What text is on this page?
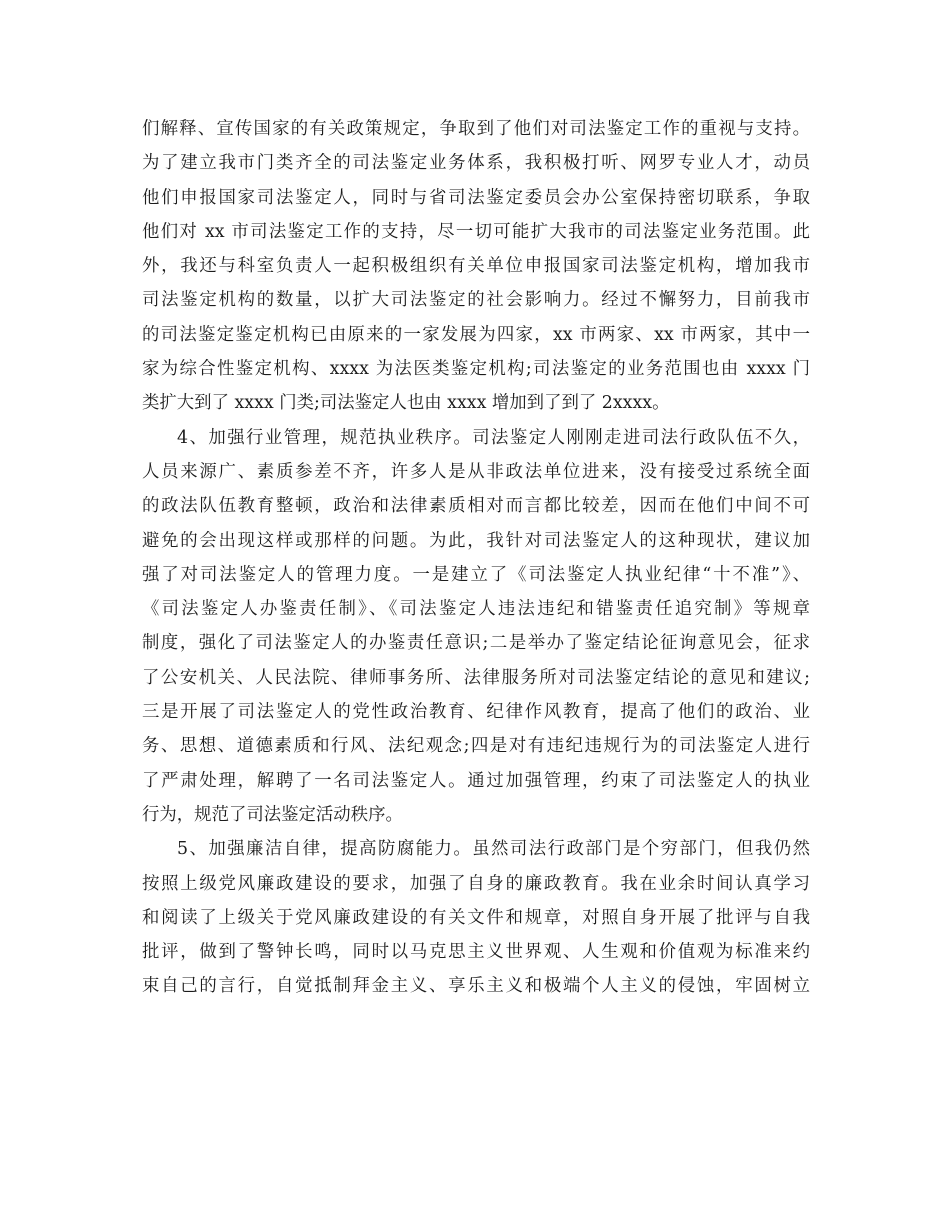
们解释、宣传国家的有关政策规定，争取到了他们对司法鉴定工作的重视与支持。
为了建立我市门类齐全的司法鉴定业务体系，我积极打听、网罗专业人才，动员
他们申报国家司法鉴定人，同时与省司法鉴定委员会办公室保持密切联系，争取
他们对 xx 市司法鉴定工作的支持，尽一切可能扩大我市的司法鉴定业务范围。此
外，我还与科室负责人一起积极组织有关单位申报国家司法鉴定机构，增加我市
司法鉴定机构的数量，以扩大司法鉴定的社会影响力。经过不懈努力，目前我市
的司法鉴定鉴定机构已由原来的一家发展为四家，xx 市两家、xx 市两家，其中一
家为综合性鉴定机构、xxxx 为法医类鉴定机构;司法鉴定的业务范围也由 xxxx 门
类扩大到了 xxxx 门类;司法鉴定人也由 xxxx 增加到了到了 2xxxx。
4、加强行业管理，规范执业秩序。司法鉴定人刚刚走进司法行政队伍不久，
人员来源广、素质参差不齐，许多人是从非政法单位进来，没有接受过系统全面
的政法队伍教育整顿，政治和法律素质相对而言都比较差，因而在他们中间不可
避免的会出现这样或那样的问题。为此，我针对司法鉴定人的这种现状，建议加
强了对司法鉴定人的管理力度。一是建立了《司法鉴定人执业纪律“十不准”》、
《司法鉴定人办鉴责任制》、《司法鉴定人违法违纪和错鉴责任追究制》等规章
制度，强化了司法鉴定人的办鉴责任意识;二是举办了鉴定结论征询意见会，征求
了公安机关、人民法院、律师事务所、法律服务所对司法鉴定结论的意见和建议;
三是开展了司法鉴定人的党性政治教育、纪律作风教育，提高了他们的政治、业
务、思想、道德素质和行风、法纪观念;四是对有违纪违规行为的司法鉴定人进行
了严肃处理，解聘了一名司法鉴定人。通过加强管理，约束了司法鉴定人的执业
行为，规范了司法鉴定活动秩序。
5、加强廉洁自律，提高防腐能力。虽然司法行政部门是个穷部门，但我仍然
按照上级党风廉政建设的要求，加强了自身的廉政教育。我在业余时间认真学习
和阅读了上级关于党风廉政建设的有关文件和规章，对照自身开展了批评与自我
批评，做到了警钟长鸣，同时以马克思主义世界观、人生观和价值观为标准来约
束自己的言行，自觉抵制拜金主义、享乐主义和极端个人主义的侵蚀，牢固树立
